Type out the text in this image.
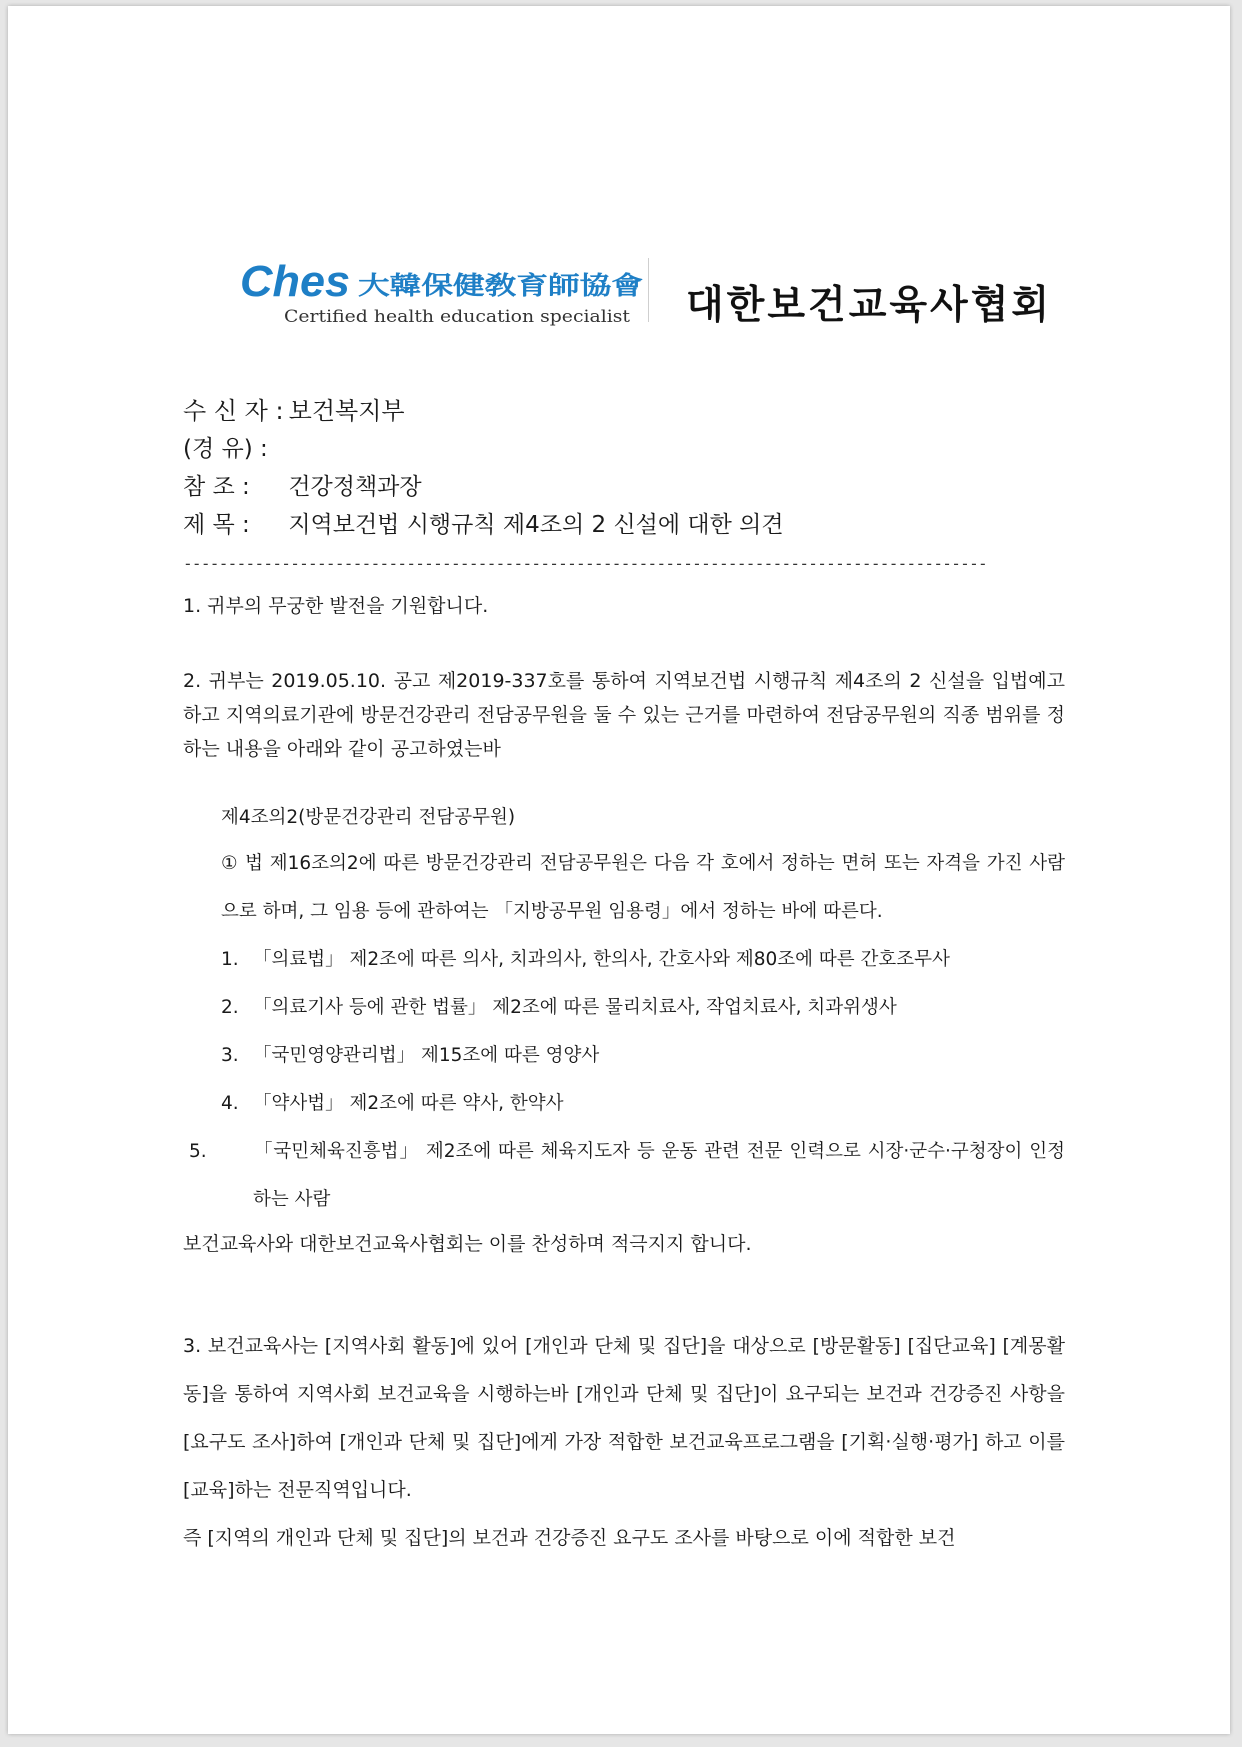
Ches 大韓保健敎育師協會
Certified health education specialist 대한보건교육사협회
수 신 자 : 보건복지부
(경 유) :
참 조 : 건강정책과장
제 목 : 지역보건법 시행규칙 제4조의 2 신설에 대한 의견
------------------------------------------------------------------------------------------

1. 귀부의 무궁한 발전을 기원합니다.

2. 귀부는 2019.05.10. 공고 제2019-337호를 통하여 지역보건법 시행규칙 제4조의 2 신설을 입법예고하고 지역의료기관에 방문건강관리 전담공무원을 둘 수 있는 근거를 마련하여 전담공무원의 직종 범위를 정하는 내용을 아래와 같이 공고하였는바

제4조의2(방문건강관리 전담공무원)
① 법 제16조의2에 따른 방문건강관리 전담공무원은 다음 각 호에서 정하는 면허 또는 자격을 가진 사람으로 하며, 그 임용 등에 관하여는 「지방공무원 임용령」에서 정하는 바에 따른다.
1. 「의료법」 제2조에 따른 의사, 치과의사, 한의사, 간호사와 제80조에 따른 간호조무사
2. 「의료기사 등에 관한 법률」 제2조에 따른 물리치료사, 작업치료사, 치과위생사
3. 「국민영양관리법」 제15조에 따른 영양사
4. 「약사법」 제2조에 따른 약사, 한약사
5.	「국민체육진흥법」 제2조에 따른 체육지도자 등 운동 관련 전문 인력으로 시장·군수·구청장이 인정하는 사람

보건교육사와 대한보건교육사협회는 이를 찬성하며 적극지지 합니다.

3. 보건교육사는 [지역사회 활동]에 있어 [개인과 단체 및 집단]을 대상으로 [방문활동] [집단교육] [계몽활동]을 통하여 지역사회 보건교육을 시행하는바 [개인과 단체 및 집단]이 요구되는 보건과 건강증진 사항을 [요구도 조사]하여 [개인과 단체 및 집단]에게 가장 적합한 보건교육프로그램을 [기획·실행·평가] 하고 이를 [교육]하는 전문직역입니다.

즉 [지역의 개인과 단체 및 집단]의 보건과 건강증진 요구도 조사를 바탕으로 이에 적합한 보건
